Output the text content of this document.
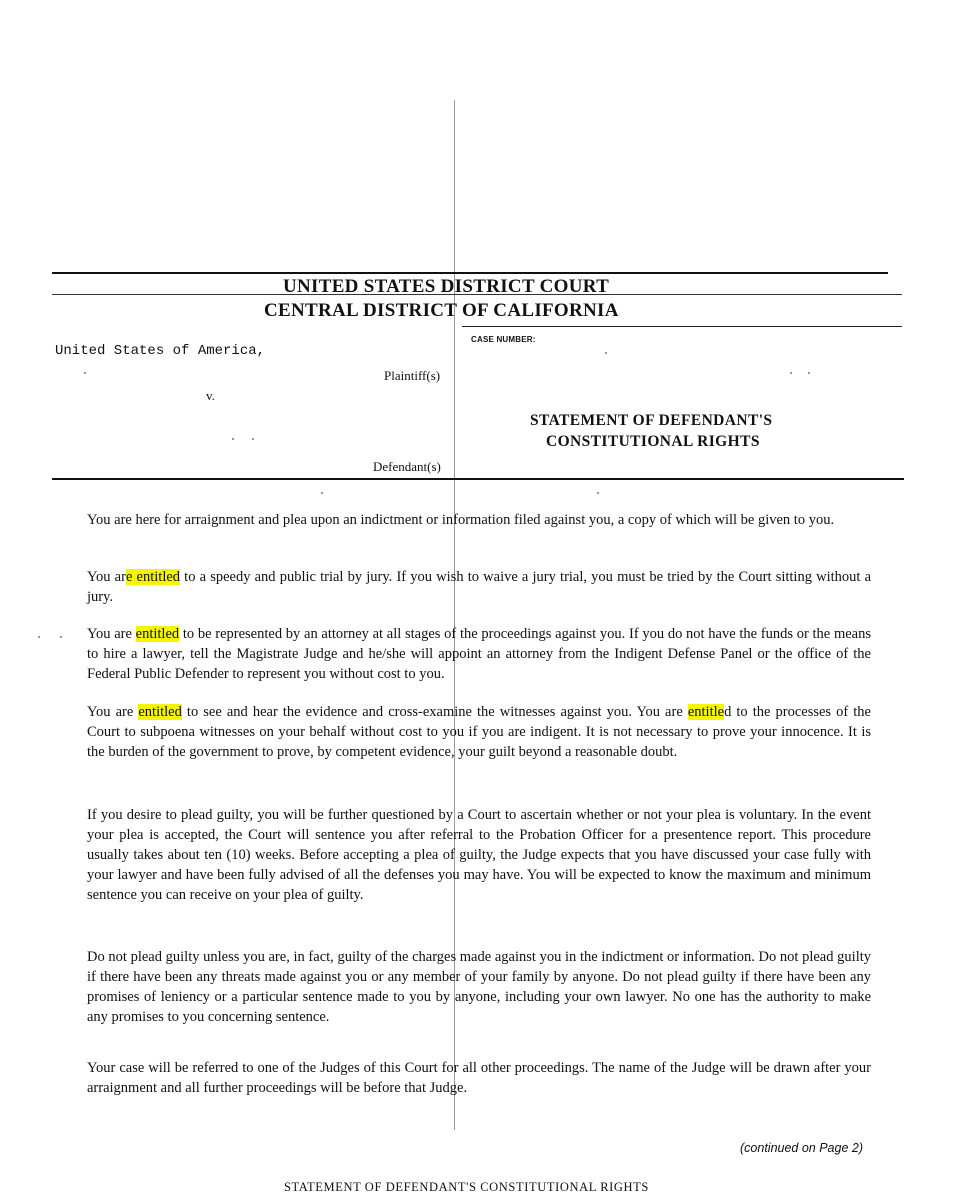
UNITED STATES DISTRICT COURT
CENTRAL DISTRICT OF CALIFORNIA
United States of America,
Plaintiff(s)
v.
Defendant(s)
CASE NUMBER:
STATEMENT OF DEFENDANT'S
CONSTITUTIONAL RIGHTS
You are here for arraignment and plea upon an indictment or information filed against you, a copy of which will be given to you.
You are entitled to a speedy and public trial by jury. If you wish to waive a jury trial, you must be tried by the Court sitting without a jury.
You are entitled to be represented by an attorney at all stages of the proceedings against you. If you do not have the funds or the means to hire a lawyer, tell the Magistrate Judge and he/she will appoint an attorney from the Indigent Defense Panel or the office of the Federal Public Defender to represent you without cost to you.
You are entitled to see and hear the evidence and cross-examine the witnesses against you. You are entitled to the processes of the Court to subpoena witnesses on your behalf without cost to you if you are indigent. It is not necessary to prove your innocence. It is the burden of the government to prove, by competent evidence, your guilt beyond a reasonable doubt.
If you desire to plead guilty, you will be further questioned by a Court to ascertain whether or not your plea is voluntary. In the event your plea is accepted, the Court will sentence you after referral to the Probation Officer for a presentence report. This procedure usually takes about ten (10) weeks. Before accepting a plea of guilty, the Judge expects that you have discussed your case fully with your lawyer and have been fully advised of all the defenses you may have. You will be expected to know the maximum and minimum sentence you can receive on your plea of guilty.
Do not plead guilty unless you are, in fact, guilty of the charges made against you in the indictment or information. Do not plead guilty if there have been any threats made against you or any member of your family by anyone. Do not plead guilty if there have been any promises of leniency or a particular sentence made to you by anyone, including your own lawyer. No one has the authority to make any promises to you concerning sentence.
Your case will be referred to one of the Judges of this Court for all other proceedings. The name of the Judge will be drawn after your arraignment and all further proceedings will be before that Judge.
(continued on Page 2)
STATEMENT OF DEFENDANT'S CONSTITUTIONAL RIGHTS
